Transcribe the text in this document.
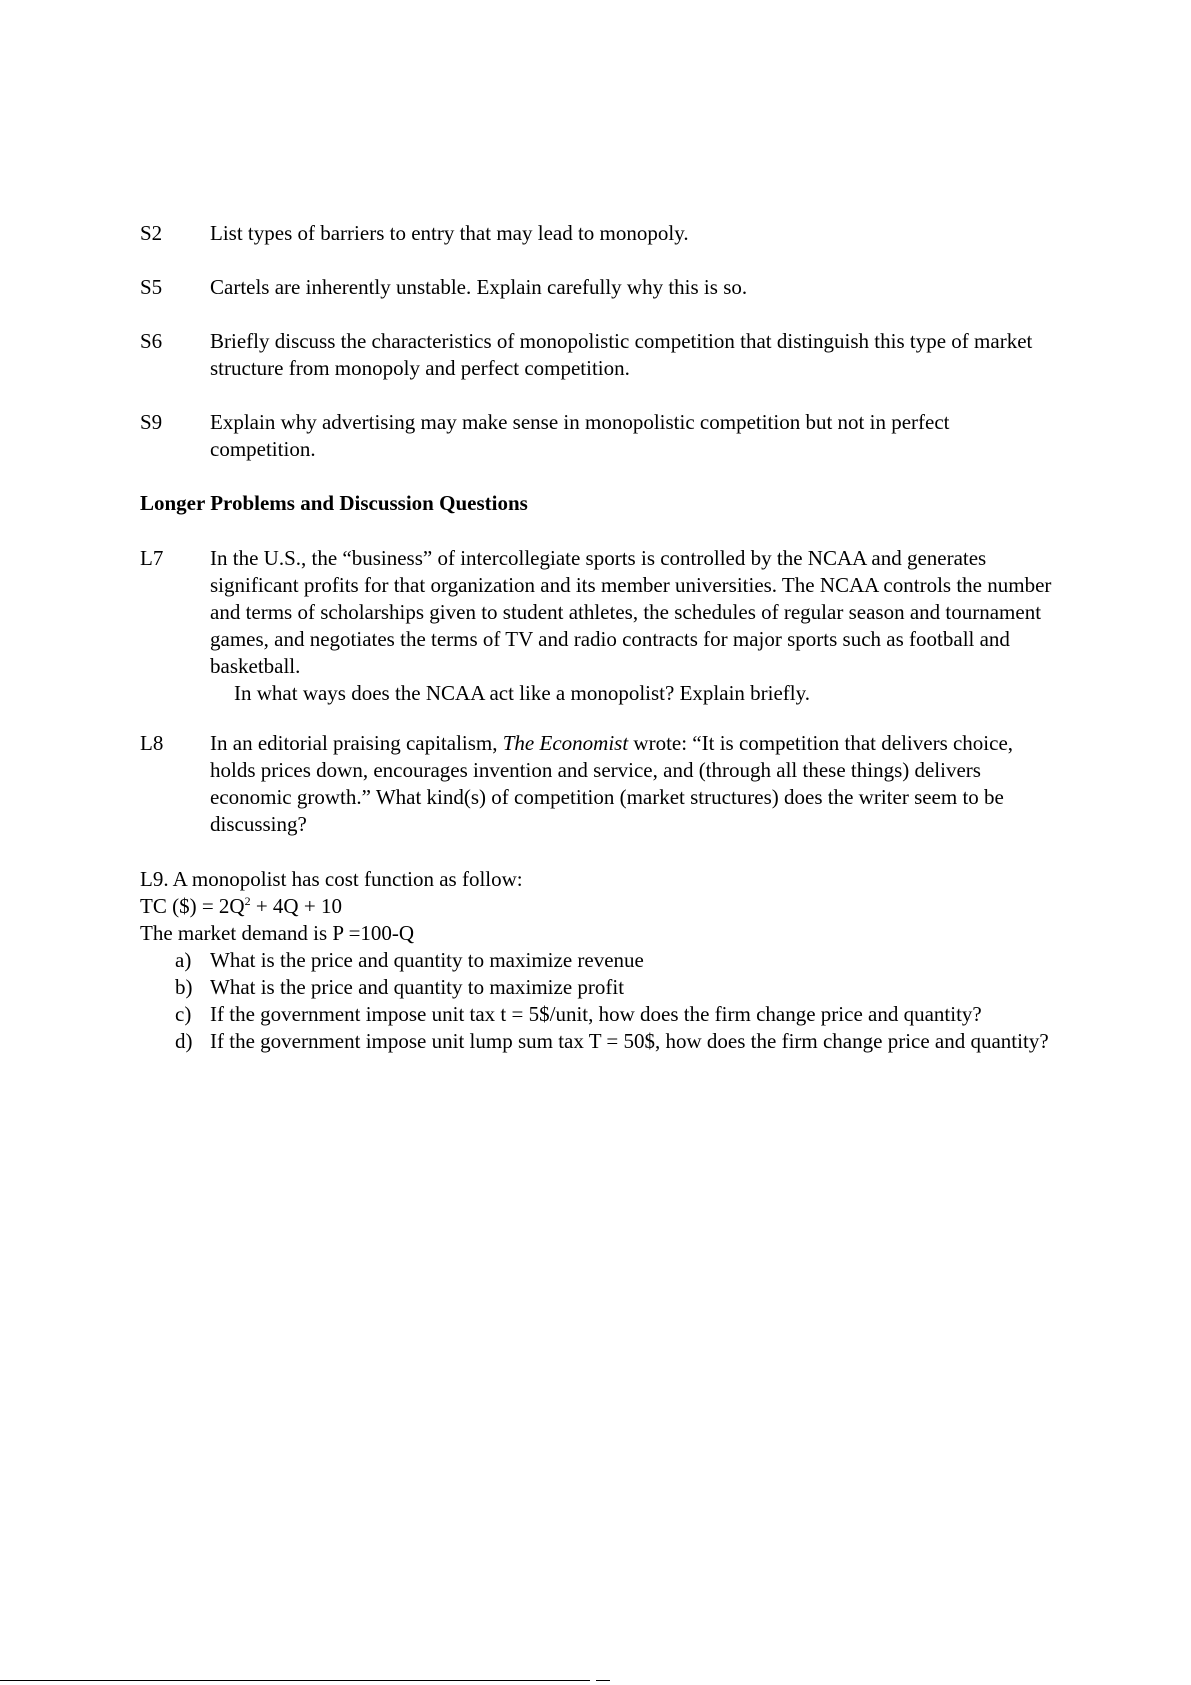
S2 List types of barriers to entry that may lead to monopoly.
S5 Cartels are inherently unstable. Explain carefully why this is so.
S6 Briefly discuss the characteristics of monopolistic competition that distinguish this type of market structure from monopoly and perfect competition.
S9 Explain why advertising may make sense in monopolistic competition but not in perfect competition.
Longer Problems and Discussion Questions
L7 In the U.S., the “business” of intercollegiate sports is controlled by the NCAA and generates significant profits for that organization and its member universities. The NCAA controls the number and terms of scholarships given to student athletes, the schedules of regular season and tournament games, and negotiates the terms of TV and radio contracts for major sports such as football and basketball.
In what ways does the NCAA act like a monopolist? Explain briefly.
L8 In an editorial praising capitalism, The Economist wrote: “It is competition that delivers choice, holds prices down, encourages invention and service, and (through all these things) delivers economic growth.” What kind(s) of competition (market structures) does the writer seem to be discussing?
L9. A monopolist has cost function as follow:
TC ($) = $2Q^2 + 4Q + 10$
The market demand is P =100-Q
a) What is the price and quantity to maximize revenue
b) What is the price and quantity to maximize profit
c) If the government impose unit tax t = 5$/unit, how does the firm change price and quantity?
d) If the government impose unit lump sum tax T = 50$, how does the firm change price and quantity?
